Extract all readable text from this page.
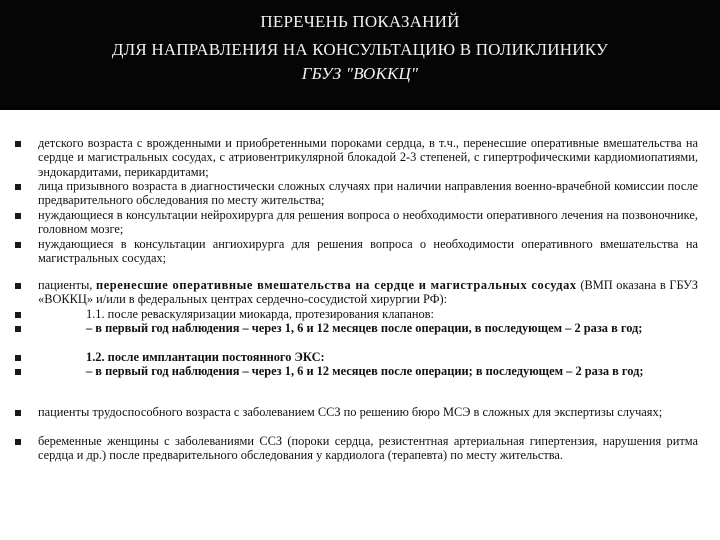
ПЕРЕЧЕНЬ ПОКАЗАНИЙ
ДЛЯ НАПРАВЛЕНИЯ НА КОНСУЛЬТАЦИЮ В ПОЛИКЛИНИКУ
ГБУЗ "ВОККЦ"
детского возраста с врожденными и приобретенными пороками сердца, в т.ч., перенесшие оперативные вмешательства на сердце и магистральных сосудах, с атриовентрикулярной блокадой 2-3 степеней, с гипертрофическими кардиомиопатиями, эндокардитами, перикардитами;
лица призывного возраста в диагностически сложных случаях при наличии направления военно-врачебной комиссии после предварительного обследования по месту жительства;
нуждающиеся в консультации нейрохирурга для решения вопроса о необходимости оперативного лечения на позвоночнике, головном мозге;
нуждающиеся в консультации ангиохирурга для решения вопроса о необходимости оперативного вмешательства на магистральных сосудах;
пациенты, перенесшие оперативные вмешательства на сердце и магистральных сосудах (ВМП оказана в ГБУЗ «ВОККЦ» и/или в федеральных центрах сердечно-сосудистой хирургии РФ):
1.1. после реваскуляризации миокарда, протезирования клапанов:
– в первый год наблюдения – через 1, 6 и 12 месяцев после операции, в последующем – 2 раза в год;
1.2. после имплантации постоянного ЭКС:
– в первый год наблюдения – через 1, 6 и 12 месяцев после операции; в последующем – 2 раза в год;
пациенты трудоспособного возраста с заболеванием ССЗ по решению бюро МСЭ в сложных для экспертизы случаях;
беременные женщины с заболеваниями ССЗ (пороки сердца, резистентная артериальная гипертензия, нарушения ритма сердца и др.) после предварительного обследования у кардиолога (терапевта) по месту жительства.
